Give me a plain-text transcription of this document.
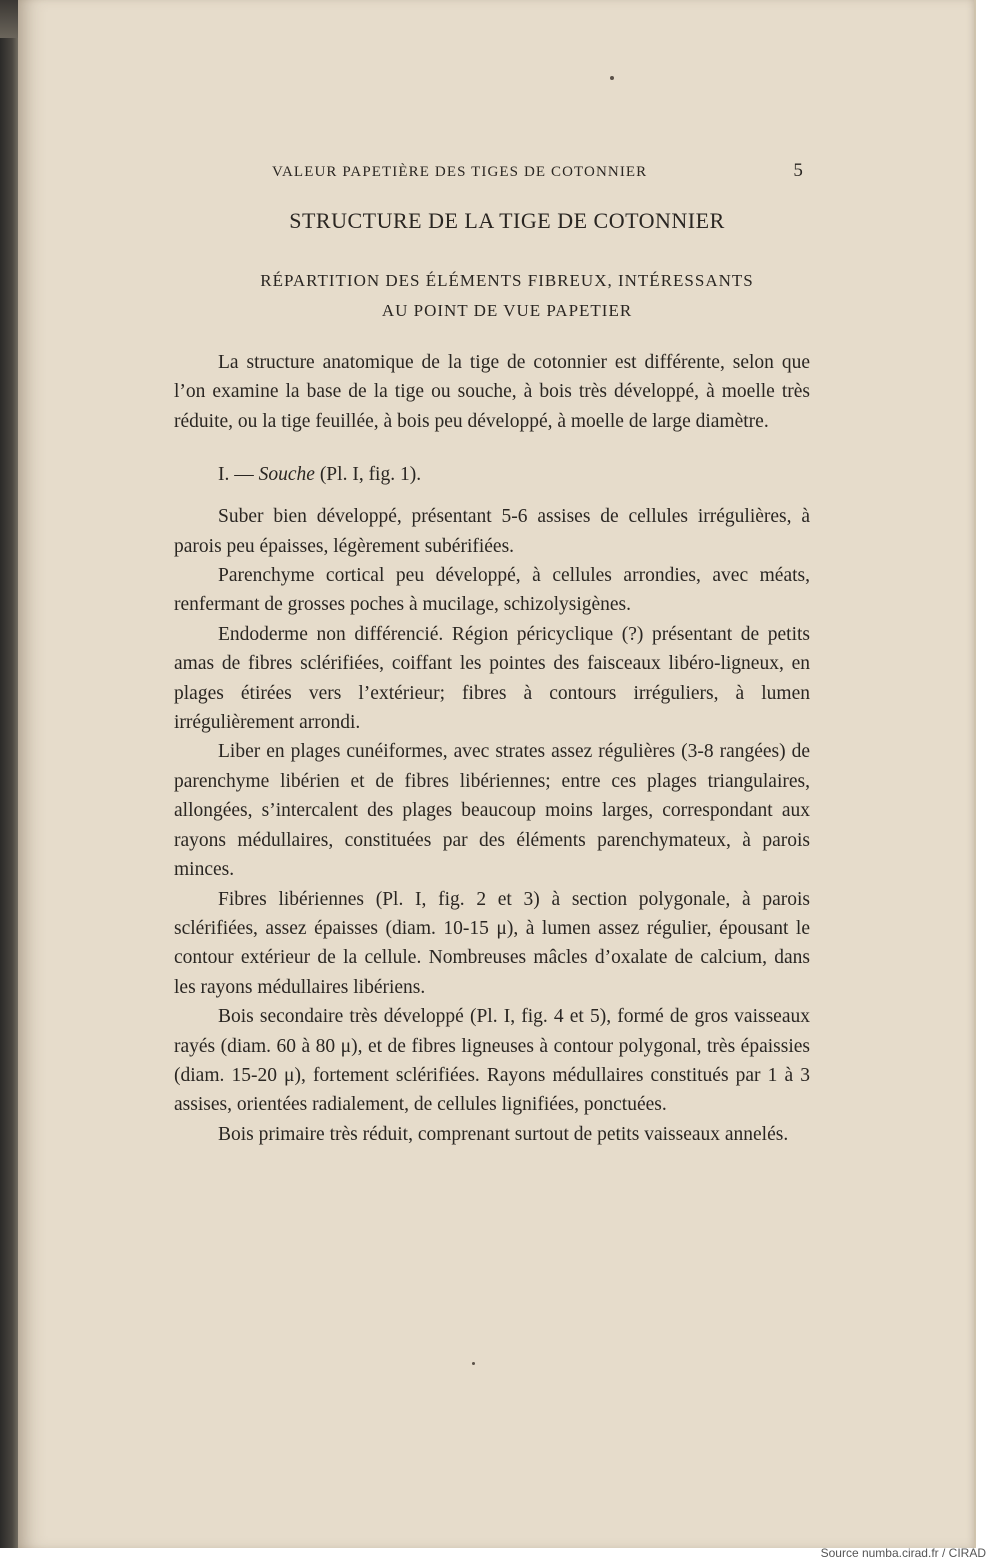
VALEUR PAPETIÈRE DES TIGES DE COTONNIER	5
STRUCTURE DE LA TIGE DE COTONNIER
RÉPARTITION DES ÉLÉMENTS FIBREUX, INTÉRESSANTS
AU POINT DE VUE PAPETIER

La structure anatomique de la tige de cotonnier est différente, selon que l’on examine la base de la tige ou souche, à bois très développé, à moelle très réduite, ou la tige feuillée, à bois peu développé, à moelle de large diamètre.

I. — Souche (Pl. I, fig. 1).

Suber bien développé, présentant 5-6 assises de cellules irrégulières, à parois peu épaisses, légèrement subérifiées.

Parenchyme cortical peu développé, à cellules arrondies, avec méats, renfermant de grosses poches à mucilage, schizolysigènes.

Endoderme non différencié. Région péricyclique (?) présentant de petits amas de fibres sclérifiées, coiffant les pointes des faisceaux libéro-ligneux, en plages étirées vers l’extérieur; fibres à contours irréguliers, à lumen irrégulièrement arrondi.

Liber en plages cunéiformes, avec strates assez régulières (3-8 rangées) de parenchyme libérien et de fibres libériennes; entre ces plages triangulaires, allongées, s’intercalent des plages beaucoup moins larges, correspondant aux rayons médullaires, constituées par des éléments parenchymateux, à parois minces.

Fibres libériennes (Pl. I, fig. 2 et 3) à section polygonale, à parois sclérifiées, assez épaisses (diam. 10-15 μ), à lumen assez régulier, épousant le contour extérieur de la cellule. Nombreuses mâcles d’oxalate de calcium, dans les rayons médullaires libériens.

Bois secondaire très développé (Pl. I, fig. 4 et 5), formé de gros vaisseaux rayés (diam. 60 à 80 μ), et de fibres ligneuses à contour polygonal, très épaissies (diam. 15-20 μ), fortement sclérifiées. Rayons médullaires constitués par 1 à 3 assises, orientées radialement, de cellules lignifiées, ponctuées.

Bois primaire très réduit, comprenant surtout de petits vaisseaux annelés.

Source numba.cirad.fr / CIRAD
